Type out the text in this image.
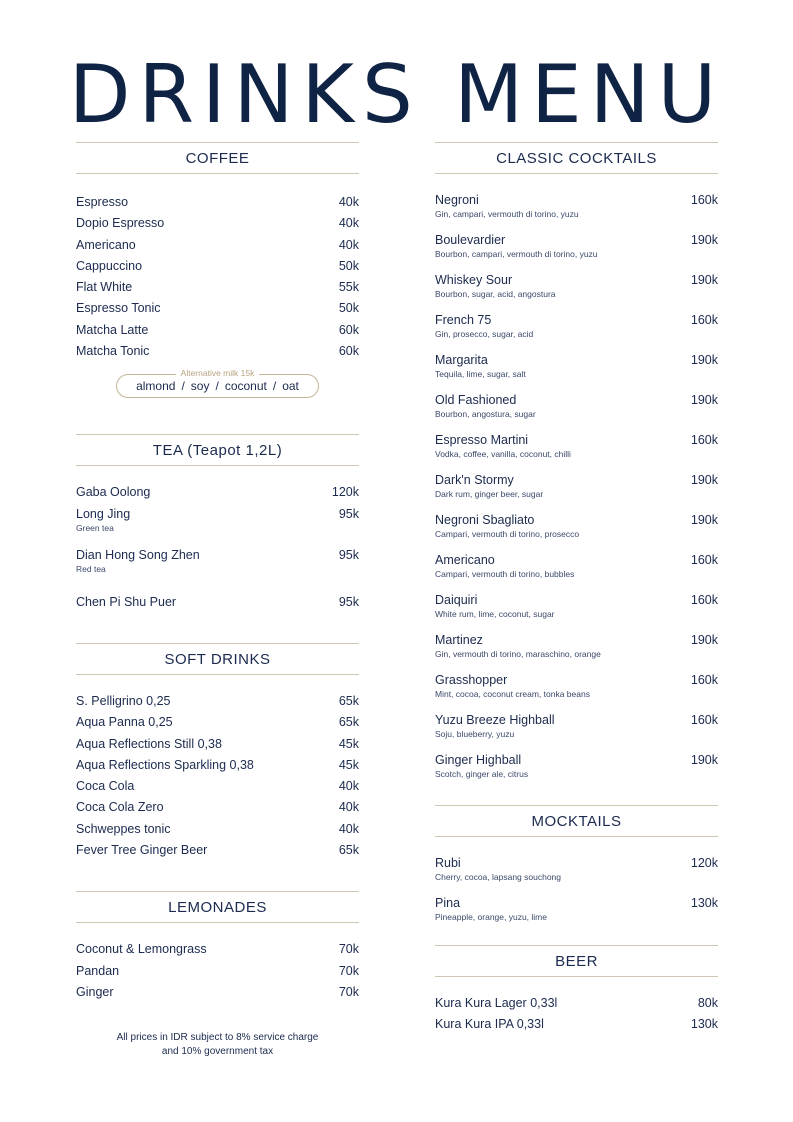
DRINKS MENU
COFFEE
Espresso	40k
Dopio Espresso	40k
Americano	40k
Cappuccino	50k
Flat White	55k
Espresso Tonic	50k
Matcha Latte	60k
Matcha Tonic	60k
Alternative milk 15k
almond / soy / coconut / oat
TEA (Teapot 1,2L)
Gaba Oolong	120k
Long Jing	95k
Green tea
Dian Hong Song Zhen	95k
Red tea
Chen Pi Shu Puer	95k
SOFT DRINKS
S. Pelligrino 0,25	65k
Aqua Panna 0,25	65k
Aqua Reflections Still 0,38	45k
Aqua Reflections Sparkling 0,38	45k
Coca Cola	40k
Coca Cola Zero	40k
Schweppes tonic	40k
Fever Tree Ginger Beer	65k
LEMONADES
Coconut & Lemongrass	70k
Pandan	70k
Ginger	70k
All prices in IDR subject to 8% service charge
and 10% government tax
CLASSIC COCKTAILS
Negroni	160k
Gin, campari, vermouth di torino, yuzu
Boulevardier	190k
Bourbon, campari, vermouth di torino, yuzu
Whiskey Sour	190k
Bourbon, sugar, acid, angostura
French 75	160k
Gin, prosecco, sugar, acid
Margarita	190k
Tequila, lime, sugar, salt
Old Fashioned	190k
Bourbon, angostura, sugar
Espresso Martini	160k
Vodka, coffee, vanilla, coconut, chilli
Dark'n Stormy	190k
Dark rum, ginger beer, sugar
Negroni Sbagliato	190k
Campari, vermouth di torino, prosecco
Americano	160k
Campari, vermouth di torino, bubbles
Daiquiri	160k
White rum, lime, coconut, sugar
Martinez	190k
Gin, vermouth di torino, maraschino, orange
Grasshopper	160k
Mint, cocoa, coconut cream, tonka beans
Yuzu Breeze Highball	160k
Soju, blueberry, yuzu
Ginger Highball	190k
Scotch, ginger ale, citrus
MOCKTAILS
Rubi	120k
Cherry, cocoa, lapsang souchong
Pina	130k
Pineapple, orange, yuzu, lime
BEER
Kura Kura Lager 0,33l	80k
Kura Kura IPA 0,33l	130k
